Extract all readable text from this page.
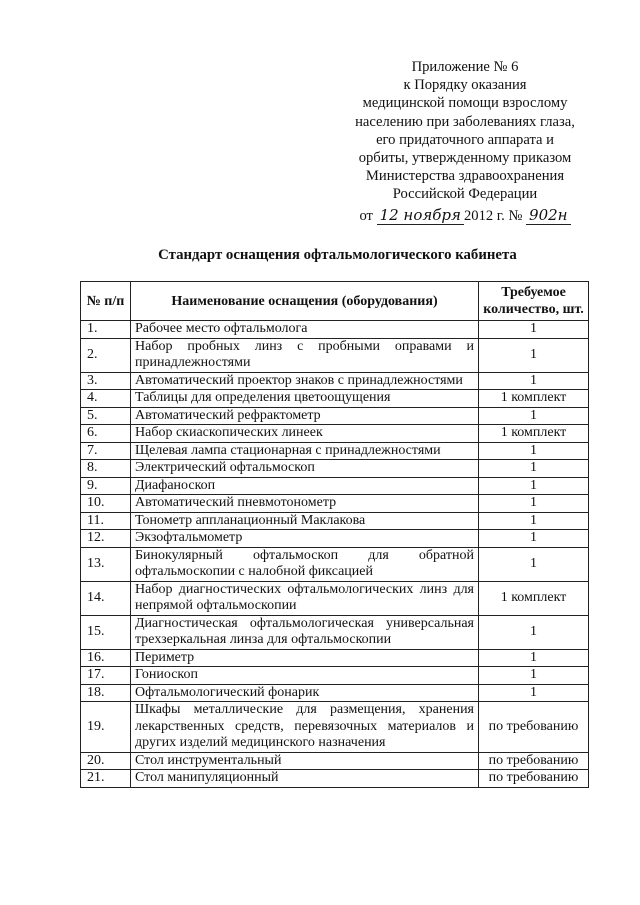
Приложение № 6
к Порядку оказания
медицинской помощи взрослому
населению при заболеваниях глаза,
его придаточного аппарата и
орбиты, утвержденному приказом
Министерства здравоохранения
Российской Федерации
от 12 ноября 2012 г. № 902н
Стандарт оснащения офтальмологического кабинета
№ п/п	Наименование оснащения (оборудования)	Требуемое количество, шт.
1.	Рабочее место офтальмолога	1
2.	Набор пробных линз с пробными оправами и принадлежностями	1
3.	Автоматический проектор знаков с принадлежностями	1
4.	Таблицы для определения цветоощущения	1 комплект
5.	Автоматический рефрактометр	1
6.	Набор скиаскопических линеек	1 комплект
7.	Щелевая лампа стационарная с принадлежностями	1
8.	Электрический офтальмоскоп	1
9.	Диафаноскоп	1
10.	Автоматический пневмотонометр	1
11.	Тонометр аппланационный Маклакова	1
12.	Экзофтальмометр	1
13.	Бинокулярный офтальмоскоп для обратной офтальмоскопии с налобной фиксацией	1
14.	Набор диагностических офтальмологических линз для непрямой офтальмоскопии	1 комплект
15.	Диагностическая офтальмологическая универсальная трехзеркальная линза для офтальмоскопии	1
16.	Периметр	1
17.	Гониоскоп	1
18.	Офтальмологический фонарик	1
19.	Шкафы металлические для размещения, хранения лекарственных средств, перевязочных материалов и других изделий медицинского назначения	по требованию
20.	Стол инструментальный	по требованию
21.	Стол манипуляционный	по требованию
